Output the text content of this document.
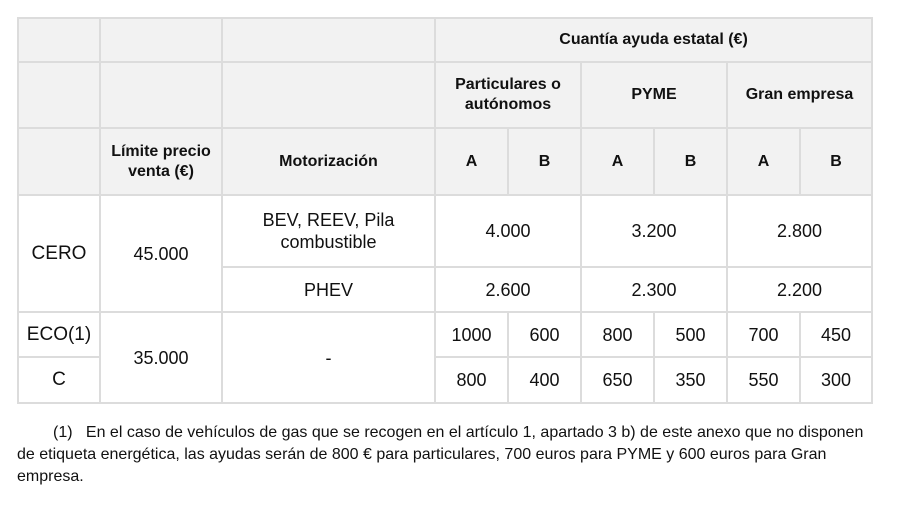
			Cuantía ayuda estatal (€)					
			Particulares o autónomos		PYME		Gran empresa	
	Límite precio venta (€)	Motorización	A	B	A	B	A	B
CERO	45.000	BEV, REEV, Pila combustible	4.000		3.200		2.800	
		PHEV	2.600		2.300		2.200	
ECO(1)	35.000	-	1000	600	800	500	700	450
C			800	400	650	350	550	300

(1) En el caso de vehículos de gas que se recogen en el artículo 1, apartado 3 b) de este anexo que no disponen de etiqueta energética, las ayudas serán de 800 € para particulares, 700 euros para PYME y 600 euros para Gran empresa.
